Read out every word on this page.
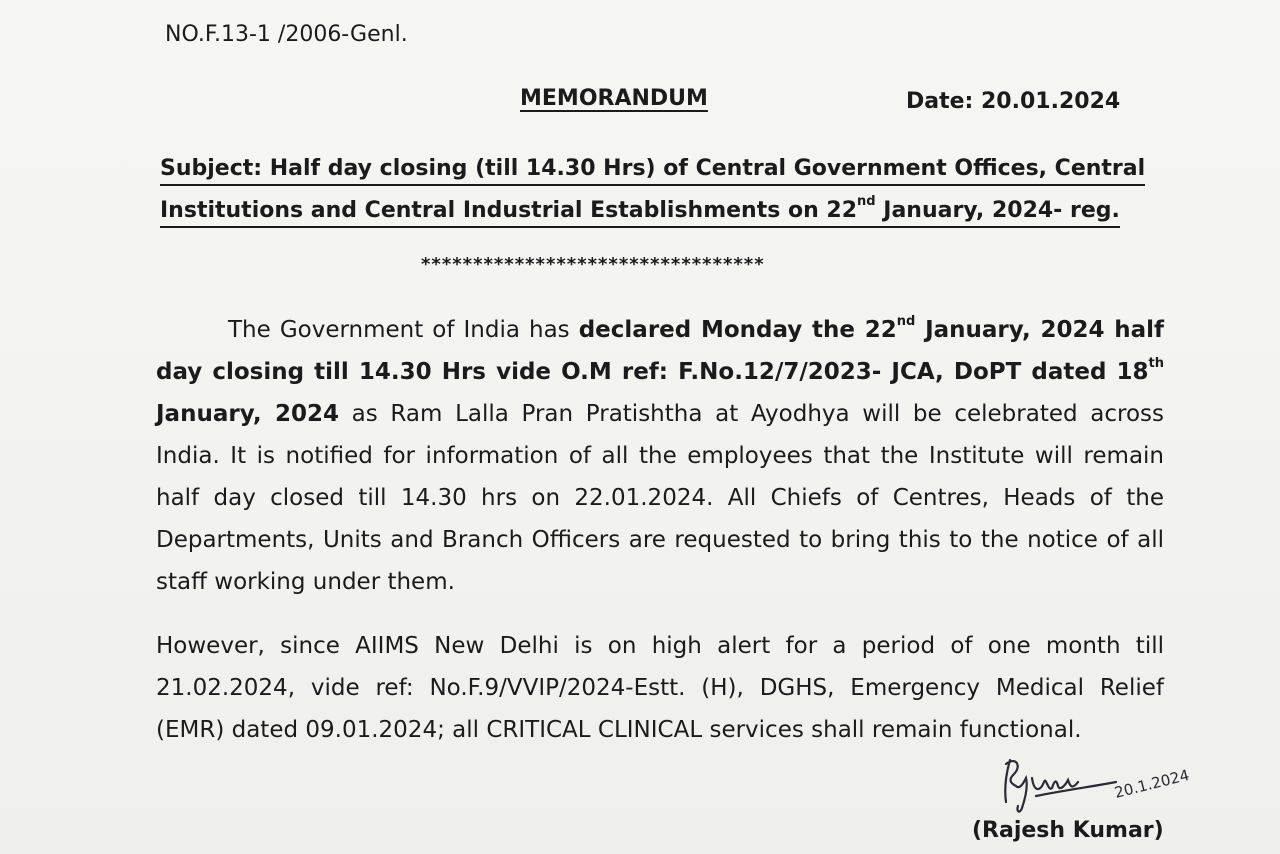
NO.F.13-1 /2006-Genl.
MEMORANDUM	Date: 20.01.2024
Subject: Half day closing (till 14.30 Hrs) of Central Government Offices, Central
Institutions and Central Industrial Establishments on 22nd January, 2024- reg.
*********************************
The Government of India has declared Monday the 22nd January, 2024 half day closing till 14.30 Hrs vide O.M ref: F.No.12/7/2023- JCA, DoPT dated 18th January, 2024 as Ram Lalla Pran Pratishtha at Ayodhya will be celebrated across India. It is notified for information of all the employees that the Institute will remain half day closed till 14.30 hrs on 22.01.2024. All Chiefs of Centres, Heads of the Departments, Units and Branch Officers are requested to bring this to the notice of all staff working under them.
However, since AIIMS New Delhi is on high alert for a period of one month till 21.02.2024, vide ref: No.F.9/VVIP/2024-Estt. (H), DGHS, Emergency Medical Relief (EMR) dated 09.01.2024; all CRITICAL CLINICAL services shall remain functional.
20.1.2024
(Rajesh Kumar)
